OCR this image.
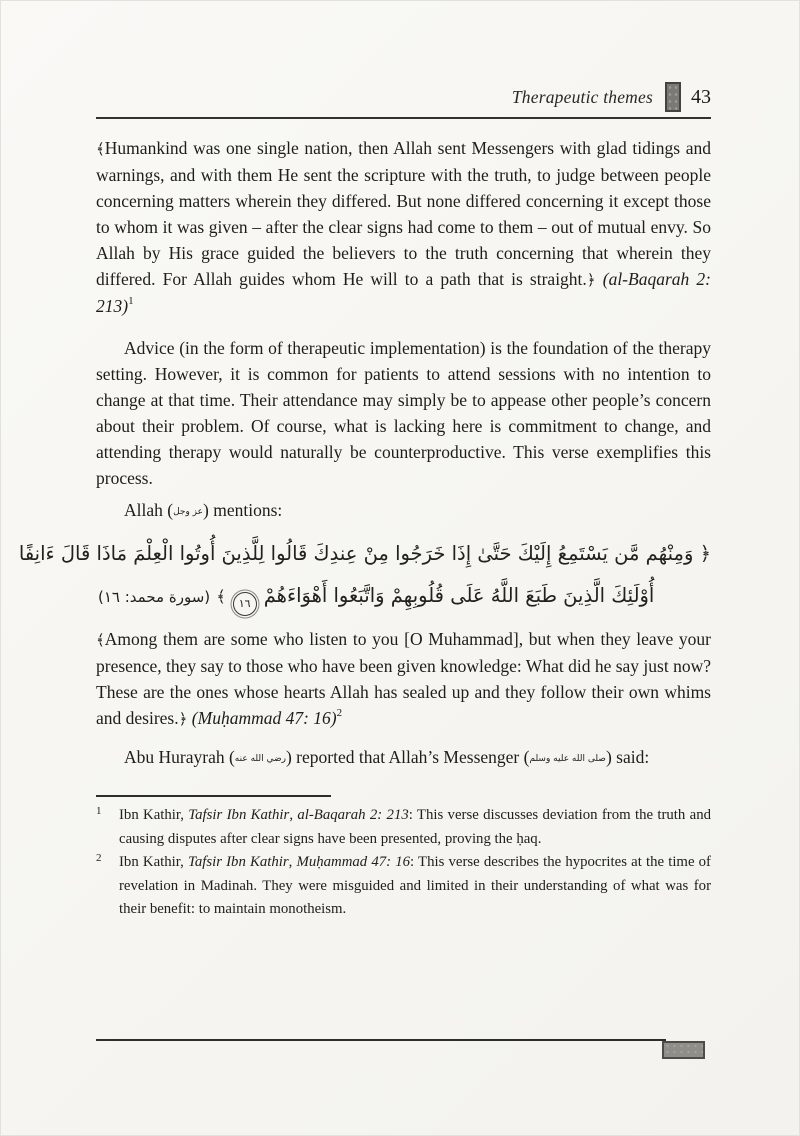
Therapeutic themes 43

﴾Humankind was one single nation, then Allah sent Messengers with glad tidings and warnings, and with them He sent the scripture with the truth, to judge between people concerning matters wherein they differed. But none differed concerning it except those to whom it was given – after the clear signs had come to them – out of mutual envy. So Allah by His grace guided the believers to the truth concerning that wherein they differed. For Allah guides whom He will to a path that is straight.﴿ (al-Baqarah 2: 213)$^1$

Advice (in the form of therapeutic implementation) is the foundation of the therapy setting. However, it is common for patients to attend sessions with no intention to change at that time. Their attendance may simply be to appease other people’s concern about their problem. Of course, what is lacking here is commitment to change, and attending therapy would naturally be counterproductive. This verse exemplifies this process.

Allah (عز وجل) mentions:

﴿ وَمِنْهُم مَّن يَسْتَمِعُ إِلَيْكَ حَتَّىٰ إِذَا خَرَجُوا مِنْ عِندِكَ قَالُوا لِلَّذِينَ أُوتُوا الْعِلْمَ مَاذَا قَالَ ءَانِفًا
أُوْلَئِكَ الَّذِينَ طَبَعَ اللَّهُ عَلَى قُلُوبِهِمْ وَاتَّبَعُوا أَهْوَاءَهُمْ١٦﴾ (سورة محمد: ١٦)

﴾Among them are some who listen to you [O Muhammad], but when they leave your presence, they say to those who have been given knowledge: What did he say just now? These are the ones whose hearts Allah has sealed up and they follow their own whims and desires.﴿ (Muḥammad 47: 16)$^2$

Abu Hurayrah (رضي الله عنه) reported that Allah’s Messenger (صلى الله عليه وسلم) said:

1	Ibn Kathir, Tafsir Ibn Kathir, al-Baqarah 2: 213: This verse discusses deviation from the truth and causing disputes after clear signs have been presented, proving the ḥaq.
2	Ibn Kathir, Tafsir Ibn Kathir, Muḥammad 47: 16: This verse describes the hypocrites at the time of revelation in Madinah. They were misguided and limited in their understanding of what was for their benefit: to maintain monotheism.
